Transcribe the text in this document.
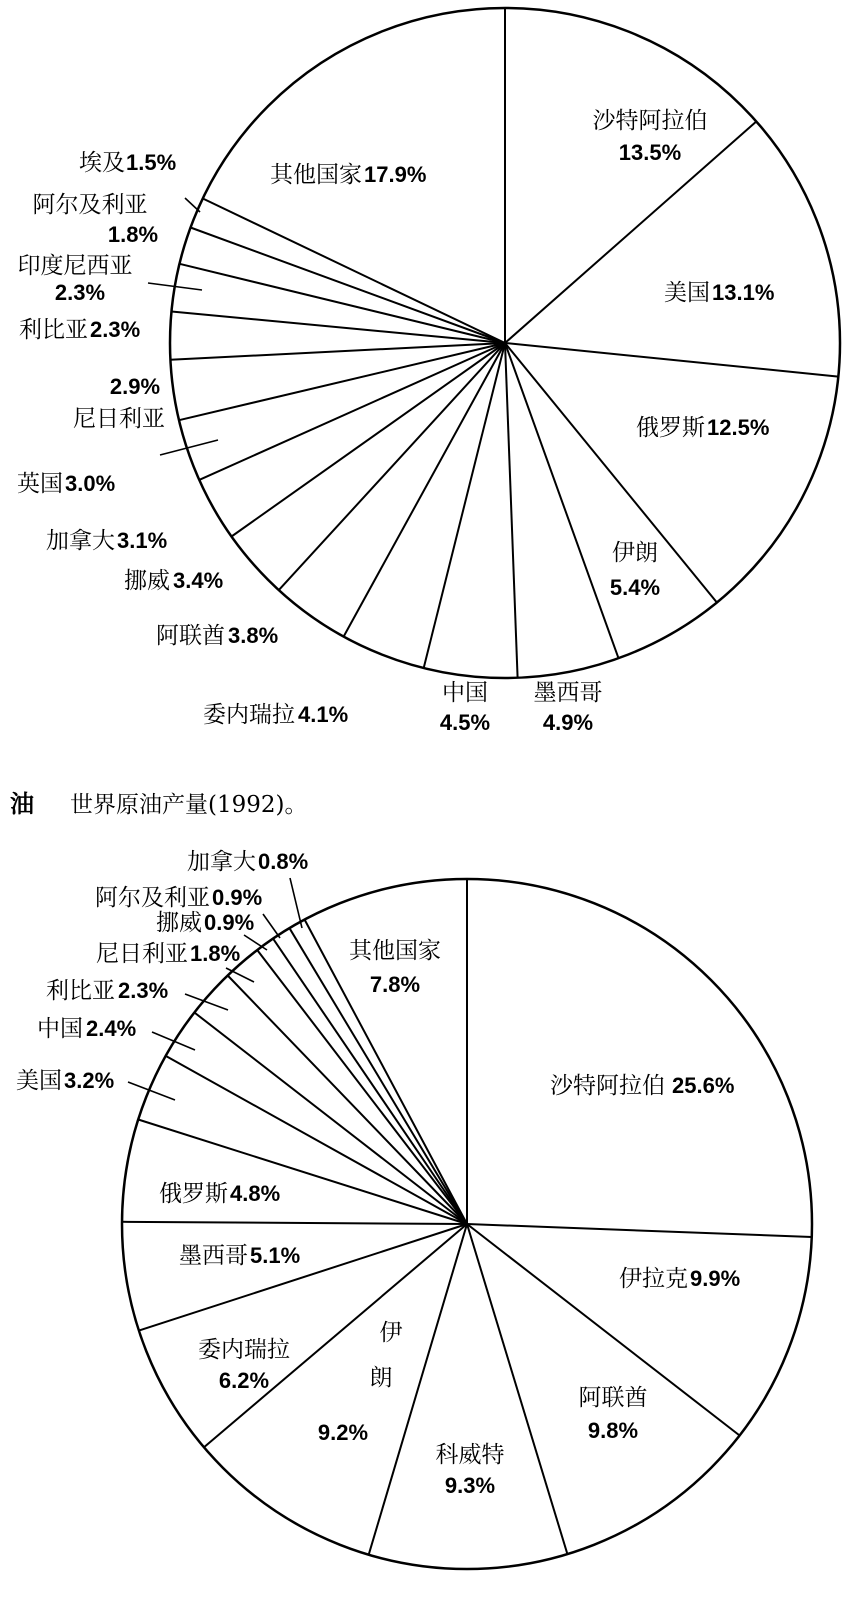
沙特阿拉伯
13.5%
美国 13.1%
俄罗斯 12.5%
伊朗
5.4%
墨西哥
4.9%
中国
4.5%
委内瑞拉 4.1%
阿联酋 3.8%
挪威 3.4%
加拿大 3.1%
英国 3.0%
尼日利亚
2.9%
利比亚 2.3%
印度尼西亚
2.3%
阿尔及利亚
1.8%
埃及 1.5%	其他国家 17.9%
油 世界原油产量(1992)。
沙特阿拉伯 25.6%
伊拉克 9.9%
阿联酋
9.8%
科威特
9.3%
伊
朗
9.2%
委内瑞拉
6.2%
墨西哥 5.1%
俄罗斯 4.8%
美国 3.2%
中国 2.4%
利比亚 2.3%
尼日利亚 1.8%
挪威 0.9%
阿尔及利亚 0.9%
加拿大 0.8%
其他国家
7.8%
